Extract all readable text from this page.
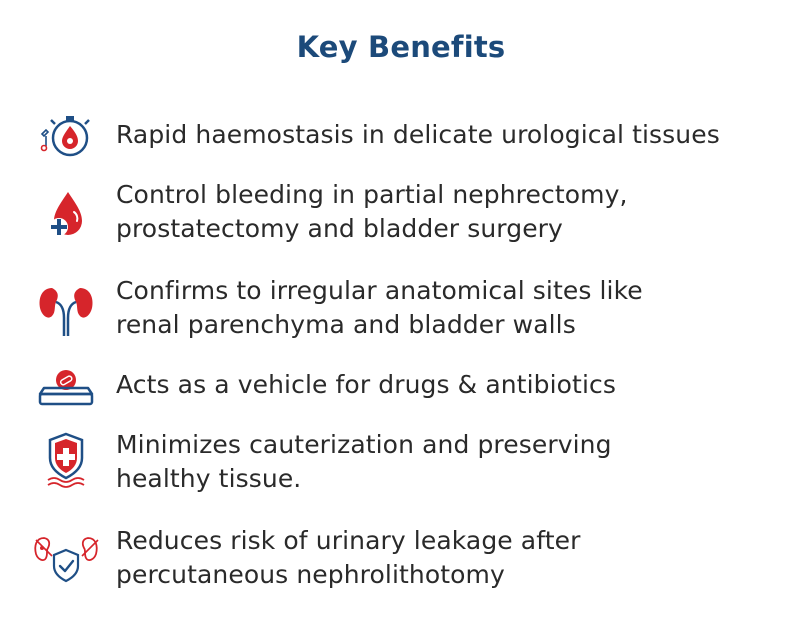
Key Benefits
Rapid haemostasis in delicate urological tissues
Control bleeding in partial nephrectomy,
prostatectomy and bladder surgery
Confirms to irregular anatomical sites like
renal parenchyma and bladder walls
Acts as a vehicle for drugs & antibiotics
Minimizes cauterization and preserving
healthy tissue.
Reduces risk of urinary leakage after
percutaneous nephrolithotomy
